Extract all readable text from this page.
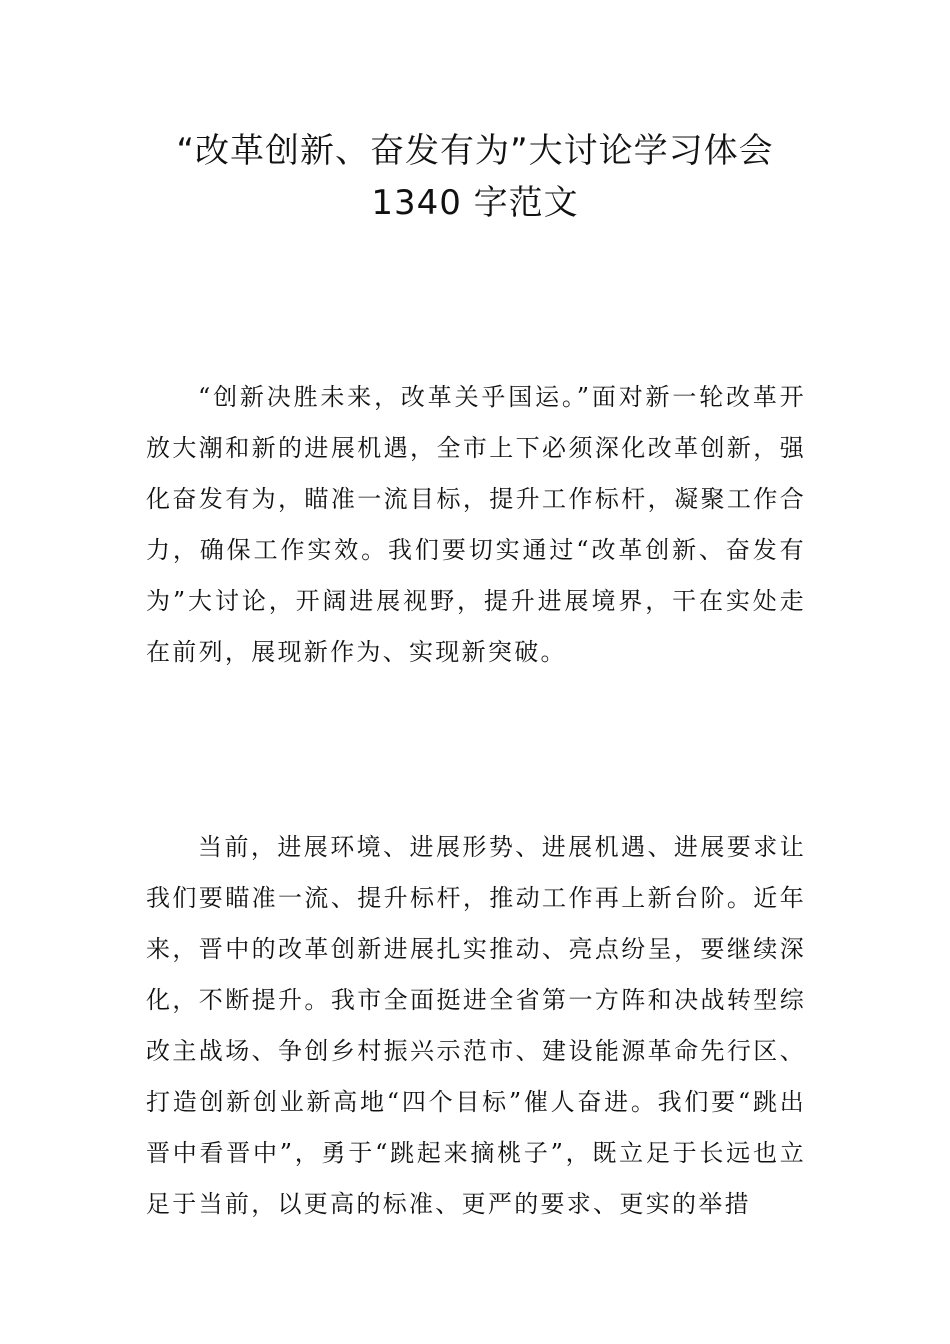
“改革创新、奋发有为”大讨论学习体会
1340 字范文

“创新决胜未来，改革关乎国运。”面对新一轮改革开放大潮和新的进展机遇，全市上下必须深化改革创新，强化奋发有为，瞄准一流目标，提升工作标杆，凝聚工作合力，确保工作实效。我们要切实通过“改革创新、奋发有为”大讨论，开阔进展视野，提升进展境界，干在实处走在前列，展现新作为、实现新突破。

当前，进展环境、进展形势、进展机遇、进展要求让我们要瞄准一流、提升标杆，推动工作再上新台阶。近年来，晋中的改革创新进展扎实推动、亮点纷呈，要继续深化，不断提升。我市全面挺进全省第一方阵和决战转型综改主战场、争创乡村振兴示范市、建设能源革命先行区、打造创新创业新高地“四个目标”催人奋进。我们要“跳出晋中看晋中”，勇于“跳起来摘桃子”，既立足于长远也立足于当前，以更高的标准、更严的要求、更实的举措
